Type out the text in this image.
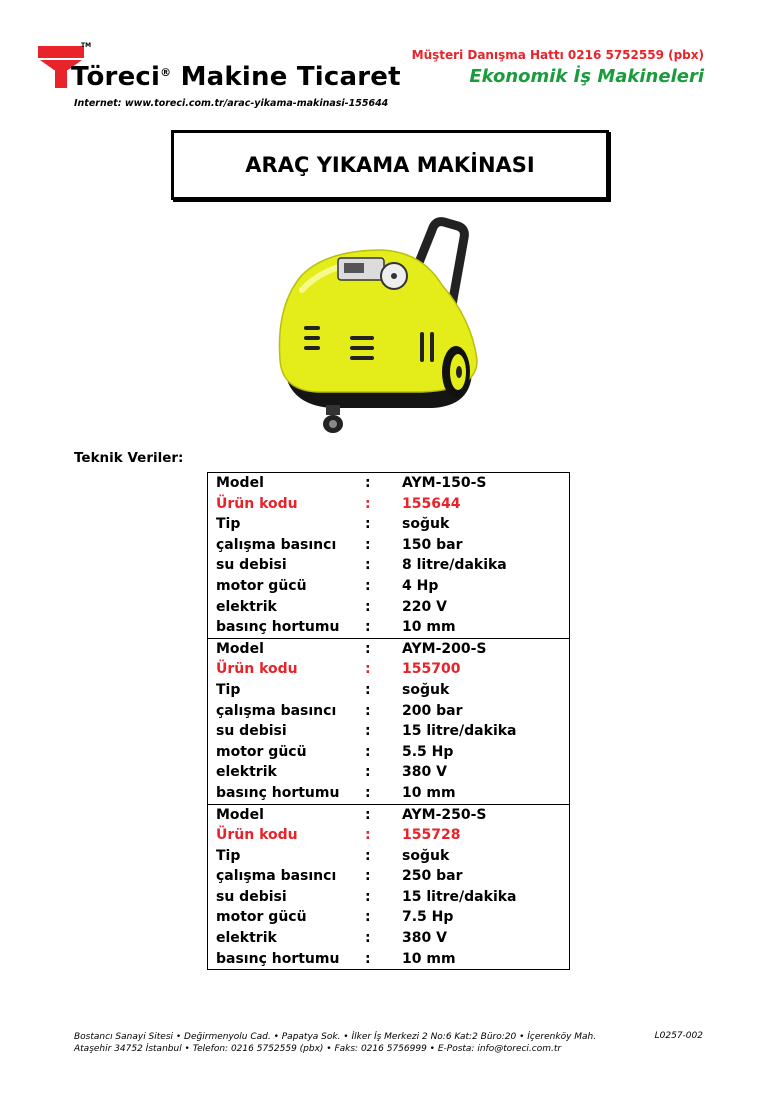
TM
Töreci® Makine Ticaret
Internet: www.toreci.com.tr/arac-yikama-makinasi-155644
Müşteri Danışma Hattı 0216 5752559 (pbx)
Ekonomik İş Makineleri
ARAÇ YIKAMA MAKİNASI
Teknik Veriler:
Model	: AYM-150-S
Ürün kodu	: 155644
Tip	: soğuk
çalışma basıncı : 150 bar
su debisi	: 8 litre/dakika
motor gücü	: 4 Hp
elektrik	: 220 V
basınç hortumu : 10 mm
Model	: AYM-200-S
Ürün kodu	: 155700
Tip	: soğuk
çalışma basıncı : 200 bar
su debisi	: 15 litre/dakika
motor gücü	: 5.5 Hp
elektrik	: 380 V
basınç hortumu : 10 mm
Model	: AYM-250-S
Ürün kodu	: 155728
Tip	: soğuk
çalışma basıncı : 250 bar
su debisi	: 15 litre/dakika
motor gücü	: 7.5 Hp
elektrik	: 380 V
basınç hortumu : 10 mm
Bostancı Sanayi Sitesi • Değirmenyolu Cad. • Papatya Sok. • İlker İş Merkezi 2 No:6 Kat:2 Büro:20 • İçerenköy Mah.
Ataşehir 34752 İstanbul • Telefon: 0216 5752559 (pbx) • Faks: 0216 5756999 • E-Posta: info@toreci.com.tr
L0257-002
